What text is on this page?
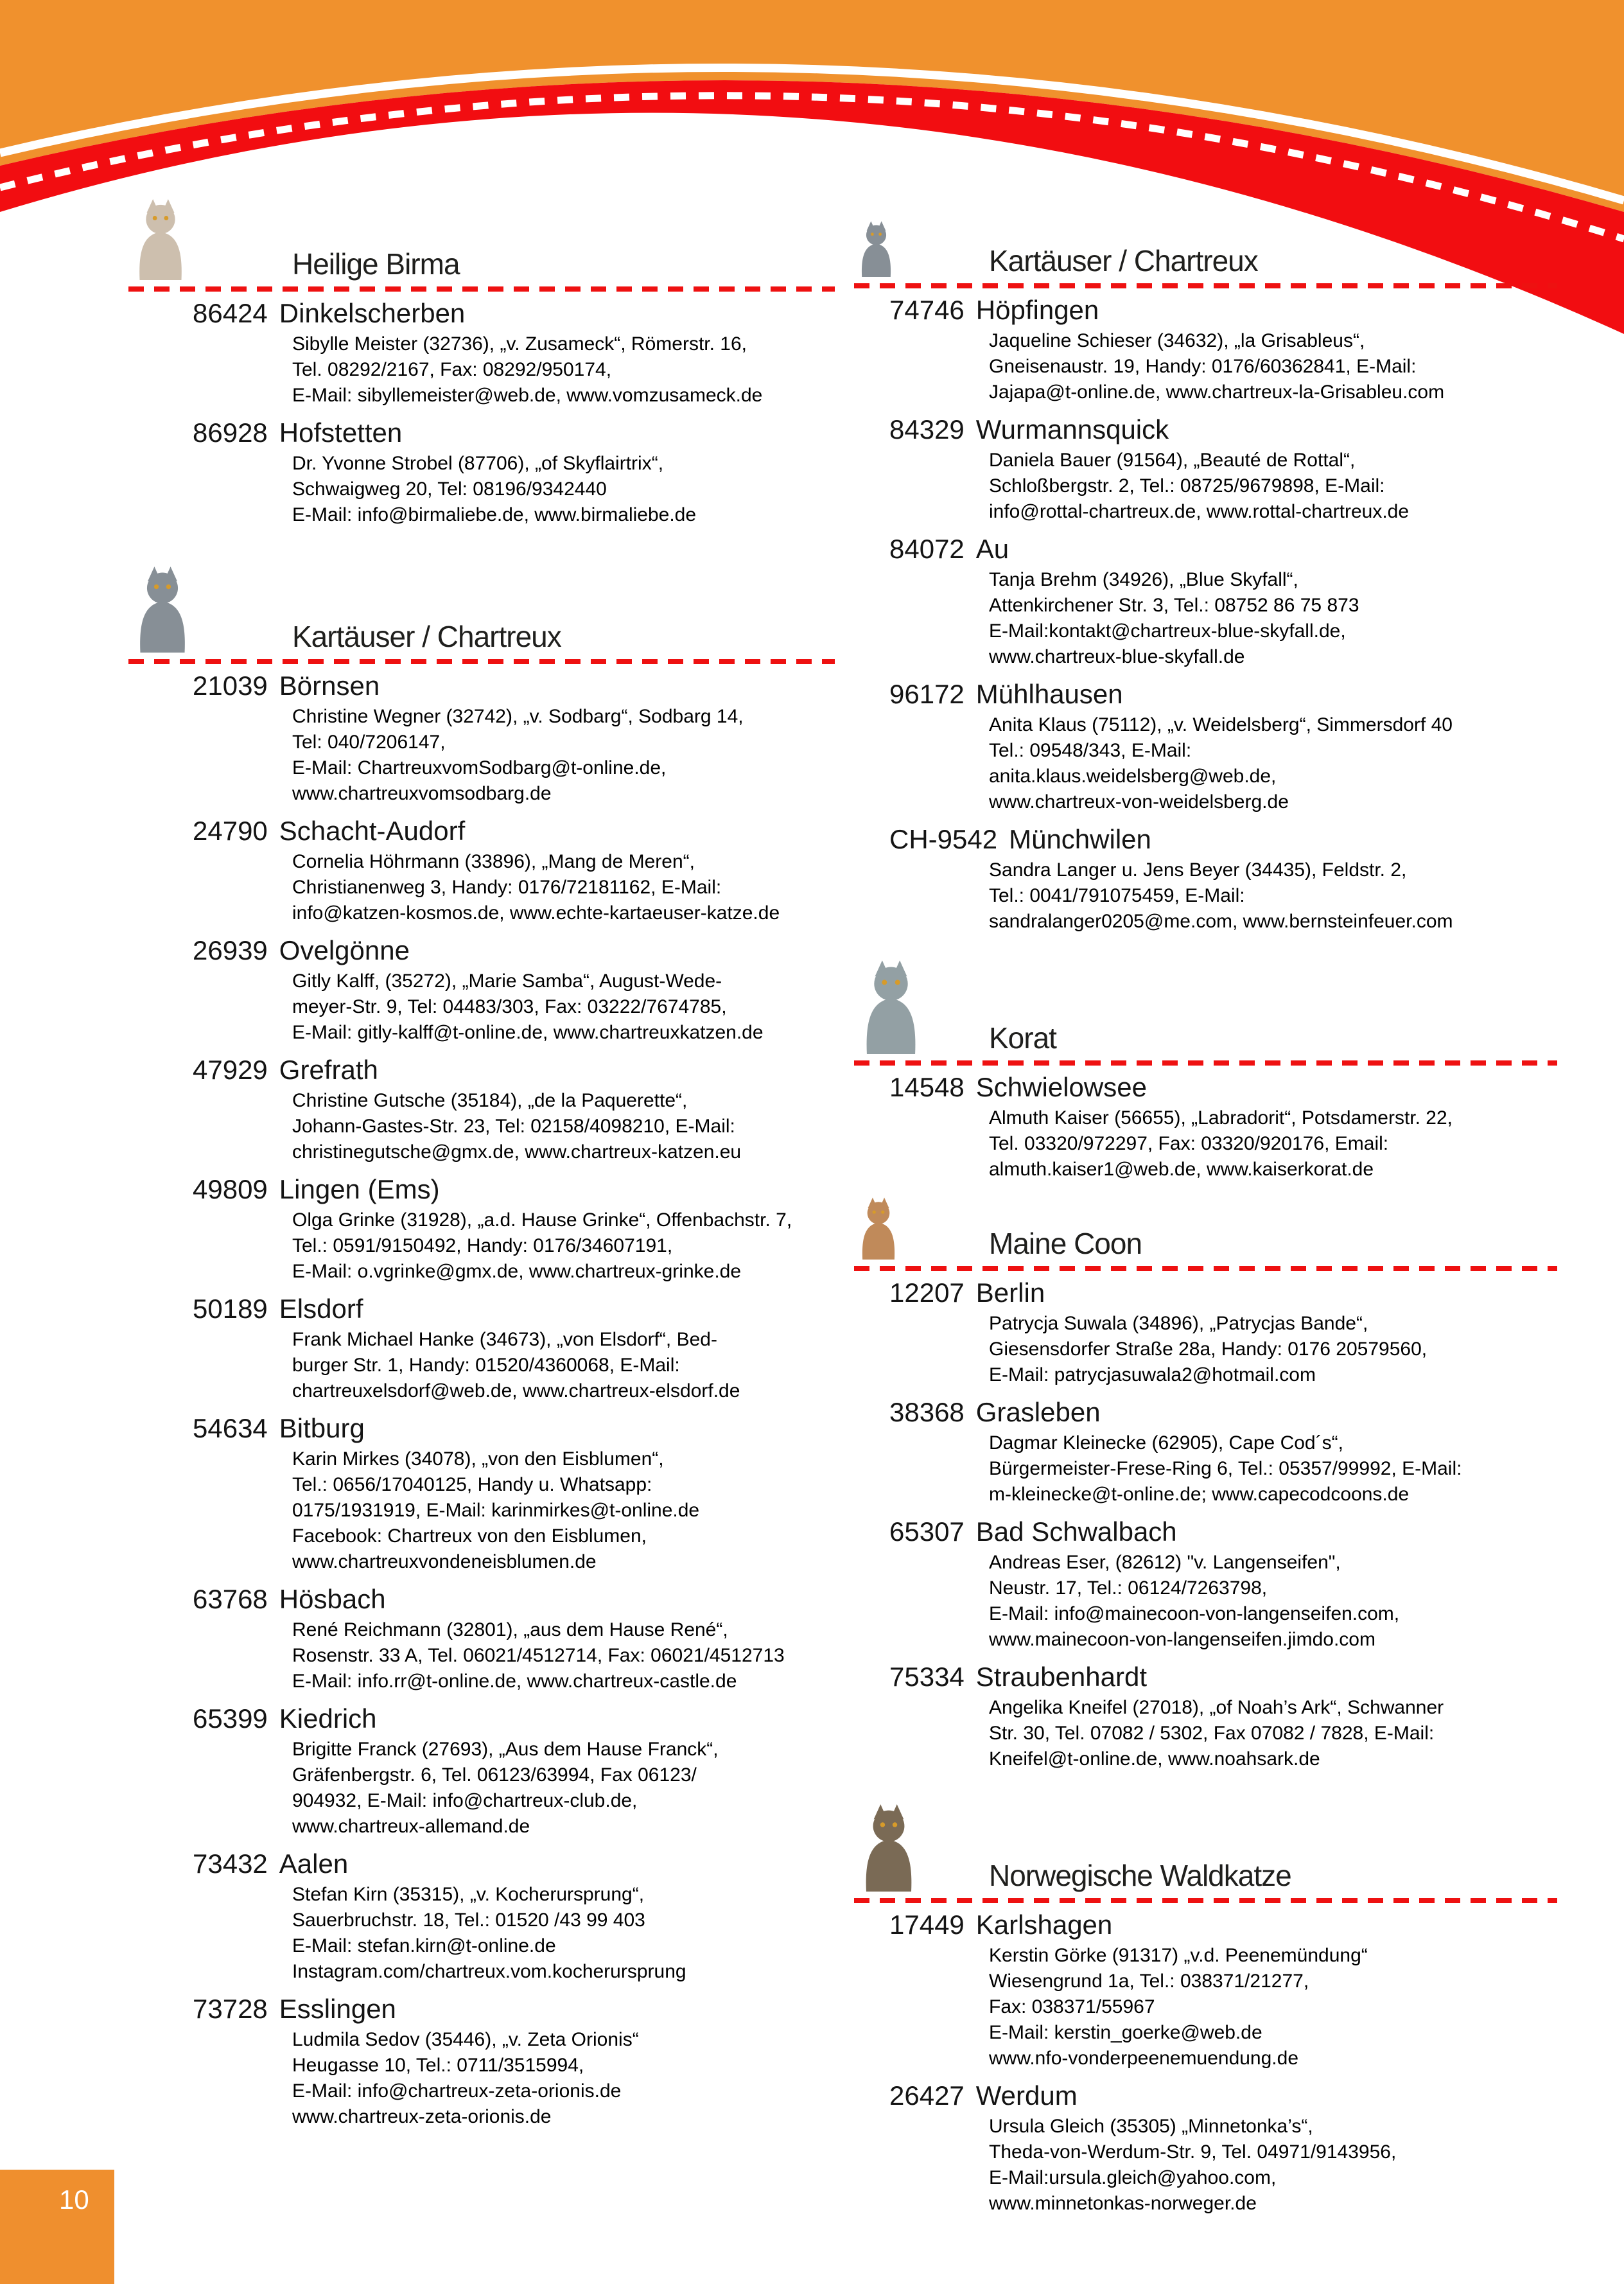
Heilige Birma
86424 Dinkelscherben
Sibylle Meister (32736), „v. Zusameck“, Römerstr. 16,
Tel. 08292/2167, Fax: 08292/950174,
E-Mail: sibyllemeister@web.de, www.vomzusameck.de
86928 Hofstetten
Dr. Yvonne Strobel (87706), „of Skyflairtrix“,
Schwaigweg 20, Tel: 08196/9342440
E-Mail: info@birmaliebe.de, www.birmaliebe.de
Kartäuser / Chartreux
21039 Börnsen
Christine Wegner (32742), „v. Sodbarg“, Sodbarg 14,
Tel: 040/7206147,
E-Mail: ChartreuxvomSodbarg@t-online.de,
www.chartreuxvomsodbarg.de
24790 Schacht-Audorf
Cornelia Höhrmann (33896), „Mang de Meren“,
Christianenweg 3, Handy: 0176/72181162, E-Mail:
info@katzen-kosmos.de, www.echte-kartaeuser-katze.de
26939 Ovelgönne
Gitly Kalff, (35272), „Marie Samba“, August-Wede-
meyer-Str. 9, Tel: 04483/303, Fax: 03222/7674785,
E-Mail: gitly-kalff@t-online.de, www.chartreuxkatzen.de
47929 Grefrath
Christine Gutsche (35184), „de la Paquerette“,
Johann-Gastes-Str. 23, Tel: 02158/4098210, E-Mail:
christinegutsche@gmx.de, www.chartreux-katzen.eu
49809 Lingen (Ems)
Olga Grinke (31928), „a.d. Hause Grinke“, Offenbachstr. 7,
Tel.: 0591/9150492, Handy: 0176/34607191,
E-Mail: o.vgrinke@gmx.de, www.chartreux-grinke.de
50189 Elsdorf
Frank Michael Hanke (34673), „von Elsdorf“, Bed-
burger Str. 1, Handy: 01520/4360068, E-Mail:
chartreuxelsdorf@web.de, www.chartreux-elsdorf.de
54634 Bitburg
Karin Mirkes (34078), „von den Eisblumen“,
Tel.: 0656/17040125, Handy u. Whatsapp:
0175/1931919, E-Mail: karinmirkes@t-online.de
Facebook: Chartreux von den Eisblumen,
www.chartreuxvondeneisblumen.de
63768 Hösbach
René Reichmann (32801), „aus dem Hause René“,
Rosenstr. 33 A, Tel. 06021/4512714, Fax: 06021/4512713
E-Mail: info.rr@t-online.de, www.chartreux-castle.de
65399 Kiedrich
Brigitte Franck (27693), „Aus dem Hause Franck“,
Gräfenbergstr. 6, Tel. 06123/63994, Fax 06123/
904932, E-Mail: info@chartreux-club.de,
www.chartreux-allemand.de
73432 Aalen
Stefan Kirn (35315), „v. Kocherursprung“,
Sauerbruchstr. 18, Tel.: 01520 /43 99 403
E-Mail: stefan.kirn@t-online.de
Instagram.com/chartreux.vom.kocherursprung
73728 Esslingen
Ludmila Sedov (35446), „v. Zeta Orionis“
Heugasse 10, Tel.: 0711/3515994,
E-Mail: info@chartreux-zeta-orionis.de
www.chartreux-zeta-orionis.de
Kartäuser / Chartreux
74746 Höpfingen
Jaqueline Schieser (34632), „la Grisableus“,
Gneisenaustr. 19, Handy: 0176/60362841, E-Mail:
Jajapa@t-online.de, www.chartreux-la-Grisableu.com
84329 Wurmannsquick
Daniela Bauer (91564), „Beauté de Rottal“,
Schloßbergstr. 2, Tel.: 08725/9679898, E-Mail:
info@rottal-chartreux.de, www.rottal-chartreux.de
84072 Au
Tanja Brehm (34926), „Blue Skyfall“,
Attenkirchener Str. 3, Tel.: 08752 86 75 873
E-Mail:kontakt@chartreux-blue-skyfall.de,
www.chartreux-blue-skyfall.de
96172 Mühlhausen
Anita Klaus (75112), „v. Weidelsberg“, Simmersdorf 40
Tel.: 09548/343, E-Mail:
anita.klaus.weidelsberg@web.de,
www.chartreux-von-weidelsberg.de
CH-9542 Münchwilen
Sandra Langer u. Jens Beyer (34435), Feldstr. 2,
Tel.: 0041/791075459, E-Mail:
sandralanger0205@me.com, www.bernsteinfeuer.com
Korat
14548 Schwielowsee
Almuth Kaiser (56655), „Labradorit“, Potsdamerstr. 22,
Tel. 03320/972297, Fax: 03320/920176, Email:
almuth.kaiser1@web.de, www.kaiserkorat.de
Maine Coon
12207 Berlin
Patrycja Suwala (34896), „Patrycjas Bande“,
Giesensdorfer Straße 28a, Handy: 0176 20579560,
E-Mail: patrycjasuwala2@hotmail.com
38368 Grasleben
Dagmar Kleinecke (62905), Cape Cod´s“,
Bürgermeister-Frese-Ring 6, Tel.: 05357/99992, E-Mail:
m-kleinecke@t-online.de; www.capecodcoons.de
65307 Bad Schwalbach
Andreas Eser, (82612) "v. Langenseifen",
Neustr. 17, Tel.: 06124/7263798,
E-Mail: info@mainecoon-von-langenseifen.com,
www.mainecoon-von-langenseifen.jimdo.com
75334 Straubenhardt
Angelika Kneifel (27018), „of Noah’s Ark“, Schwanner
Str. 30, Tel. 07082 / 5302, Fax 07082 / 7828, E-Mail:
Kneifel@t-online.de, www.noahsark.de
Norwegische Waldkatze
17449 Karlshagen
Kerstin Görke (91317) „v.d. Peenemündung“
Wiesengrund 1a, Tel.: 038371/21277,
Fax: 038371/55967
E-Mail: kerstin_goerke@web.de
www.nfo-vonderpeenemuendung.de
26427 Werdum
Ursula Gleich (35305) „Minnetonka’s“,
Theda-von-Werdum-Str. 9, Tel. 04971/9143956,
E-Mail:ursula.gleich@yahoo.com,
www.minnetonkas-norweger.de
10
